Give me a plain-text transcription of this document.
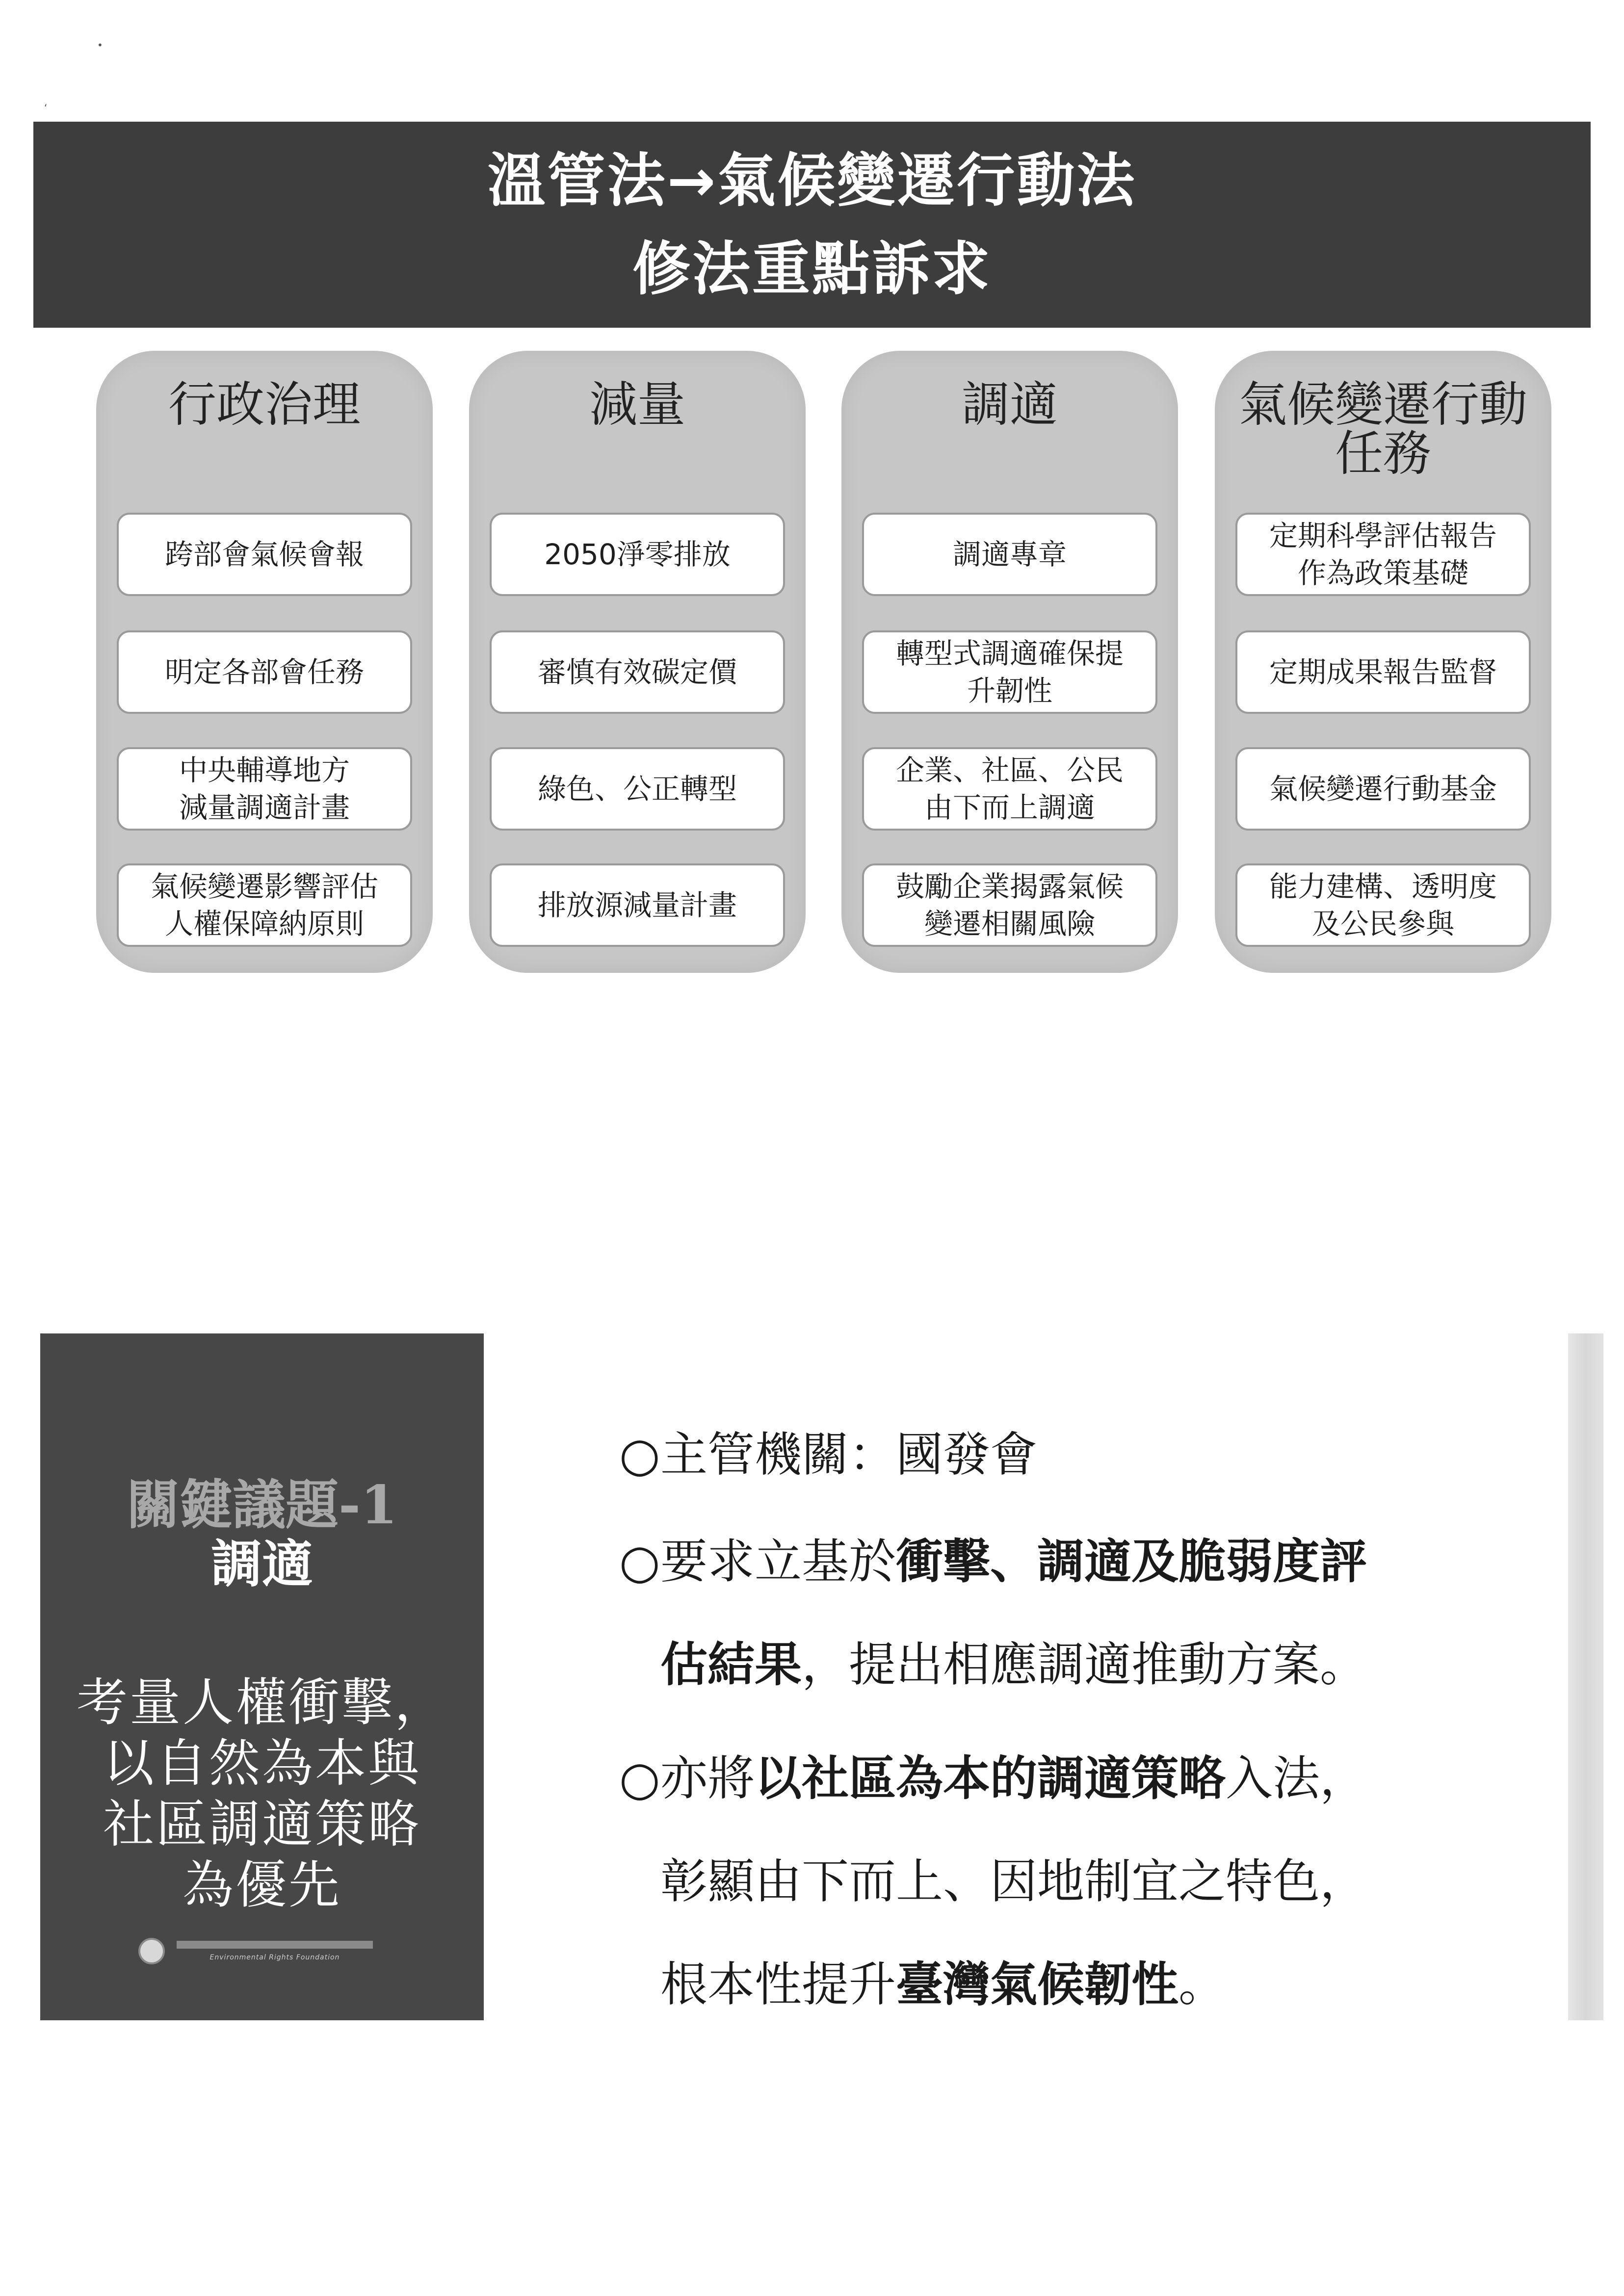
溫管法→氣候變遷行動法
修法重點訴求
行政治理
跨部會氣候會報
明定各部會任務
中央輔導地方
減量調適計畫
氣候變遷影響評估
人權保障納原則
減量
2050淨零排放
審慎有效碳定價
綠色、公正轉型
排放源減量計畫
調適
調適專章
轉型式調適確保提
升韌性
企業、社區、公民
由下而上調適
鼓勵企業揭露氣候
變遷相關風險
氣候變遷行動
任務
定期科學評估報告
作為政策基礎
定期成果報告監督
氣候變遷行動基金
能力建構、透明度
及公民參與
關鍵議題-1
調適
考量人權衝擊，
以自然為本與
社區調適策略
為優先
Environmental Rights Foundation
○主管機關：國發會
○要求立基於衝擊、調適及脆弱度評
估結果，提出相應調適推動方案。
○亦將以社區為本的調適策略入法，
彰顯由下而上、因地制宜之特色，
根本性提升臺灣氣候韌性。
•
‘
